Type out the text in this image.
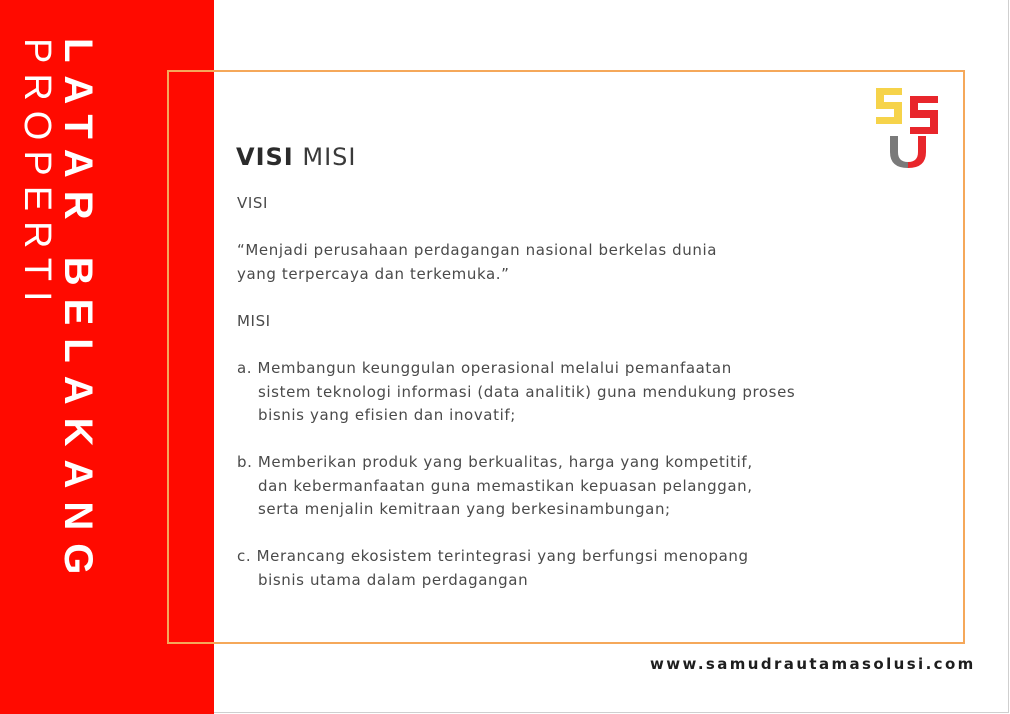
LATAR BELAKANG
PROPERTI	VISI MISI
VISI
“Menjadi perusahaan perdagangan nasional berkelas dunia
yang terpercaya dan terkemuka.”
MISI
a. Membangun keunggulan operasional melalui pemanfaatan
sistem teknologi informasi (data analitik) guna mendukung proses
bisnis yang efisien dan inovatif;
b. Memberikan produk yang berkualitas, harga yang kompetitif,
dan kebermanfaatan guna memastikan kepuasan pelanggan,
serta menjalin kemitraan yang berkesinambungan;
c. Merancang ekosistem terintegrasi yang berfungsi menopang
bisnis utama dalam perdagangan
www.samudrautamasolusi.com
